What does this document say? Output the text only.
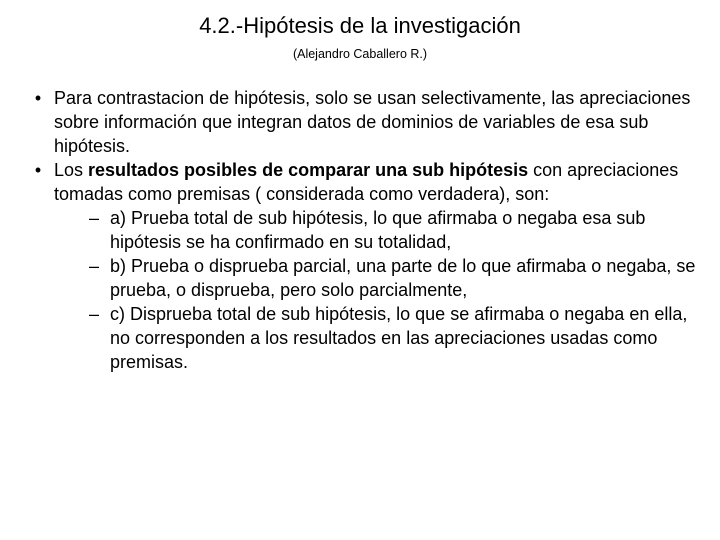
4.2.-Hipótesis de la investigación
(Alejandro Caballero R.)
• Para contrastacion de hipótesis, solo se usan selectivamente, las apreciaciones sobre información que integran datos de dominios de variables de esa sub hipótesis.
• Los resultados posibles de comparar una sub hipótesis con apreciaciones tomadas como premisas ( considerada como verdadera), son:
– a) Prueba total de sub hipótesis, lo que afirmaba o negaba esa sub hipótesis se ha confirmado en su totalidad,
– b) Prueba o disprueba parcial, una parte de lo que afirmaba o negaba, se prueba, o disprueba, pero solo parcialmente,
– c) Disprueba total de sub hipótesis, lo que se afirmaba o negaba en ella, no corresponden a los resultados en las apreciaciones usadas como premisas.
